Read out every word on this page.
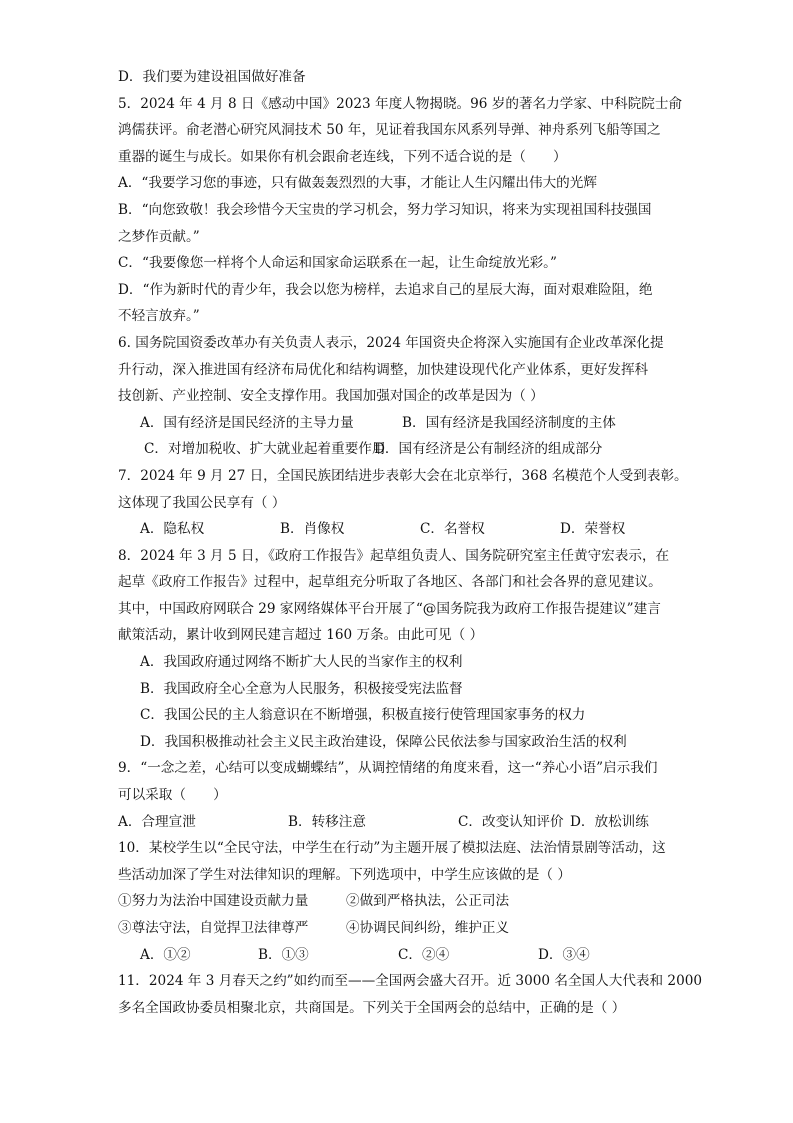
D．我们要为建设祖国做好准备
5．2024 年 4 月 8 日《感动中国》2023 年度人物揭晓。96 岁的著名力学家、中科院院士俞
鸿儒获评。俞老潜心研究风洞技术 50 年，见证着我国东风系列导弹、神舟系列飞船等国之
重器的诞生与成长。如果你有机会跟俞老连线，下列不适合说的是（　　）
A．“我要学习您的事迹，只有做轰轰烈烈的大事，才能让人生闪耀出伟大的光辉
B．“向您致敬！我会珍惜今天宝贵的学习机会，努力学习知识，将来为实现祖国科技强国
之梦作贡献。”
C．“我要像您一样将个人命运和国家命运联系在一起，让生命绽放光彩。”
D．“作为新时代的青少年，我会以您为榜样，去追求自己的星辰大海，面对艰难险阻，绝
不轻言放弃。”
6. 国务院国资委改革办有关负责人表示，2024 年国资央企将深入实施国有企业改革深化提
升行动，深入推进国有经济布局优化和结构调整，加快建设现代化产业体系，更好发挥科
技创新、产业控制、安全支撑作用。我国加强对国企的改革是因为（ ）
A．国有经济是国民经济的主导力量	B．国有经济是我国经济制度的主体
C．对增加税收、扩大就业起着重要作用
D．国有经济是公有制经济的组成部分
7．2024 年 9 月 27 日，全国民族团结进步表彰大会在北京举行，368 名模范个人受到表彰。
这体现了我国公民享有（ ）
A．隐私权	B．肖像权	C．名誉权	D．荣誉权
8．2024 年 3 月 5 日，《政府工作报告》起草组负责人、国务院研究室主任黄守宏表示，在
起草《政府工作报告》过程中，起草组充分听取了各地区、各部门和社会各界的意见建议。
其中，中国政府网联合 29 家网络媒体平台开展了“@国务院我为政府工作报告提建议”建言
献策活动，累计收到网民建言超过 160 万条。由此可见（ ）
A．我国政府通过网络不断扩大人民的当家作主的权利
B．我国政府全心全意为人民服务，积极接受宪法监督
C．我国公民的主人翁意识在不断增强，积极直接行使管理国家事务的权力
D．我国积极推动社会主义民主政治建设，保障公民依法参与国家政治生活的权利
9．“一念之差，心结可以变成蝴蝶结”，从调控情绪的角度来看，这一“养心小语”启示我们
可以采取（　　）
A．合理宣泄	B．转移注意	C．改变认知评价 D．放松训练
10．某校学生以“全民守法，中学生在行动”为主题开展了模拟法庭、法治情景剧等活动，这
些活动加深了学生对法律知识的理解。下列选项中，中学生应该做的是（ ）
①努力为法治中国建设贡献力量	②做到严格执法，公正司法
③尊法守法，自觉捍卫法律尊严	④协调民间纠纷，维护正义
A．①②	B．①③	C．②④	D．③④
11．2024 年 3 月春天之约”如约而至——全国两会盛大召开。近 3000 名全国人大代表和 2000
多名全国政协委员相聚北京，共商国是。下列关于全国两会的总结中，正确的是（ ）
